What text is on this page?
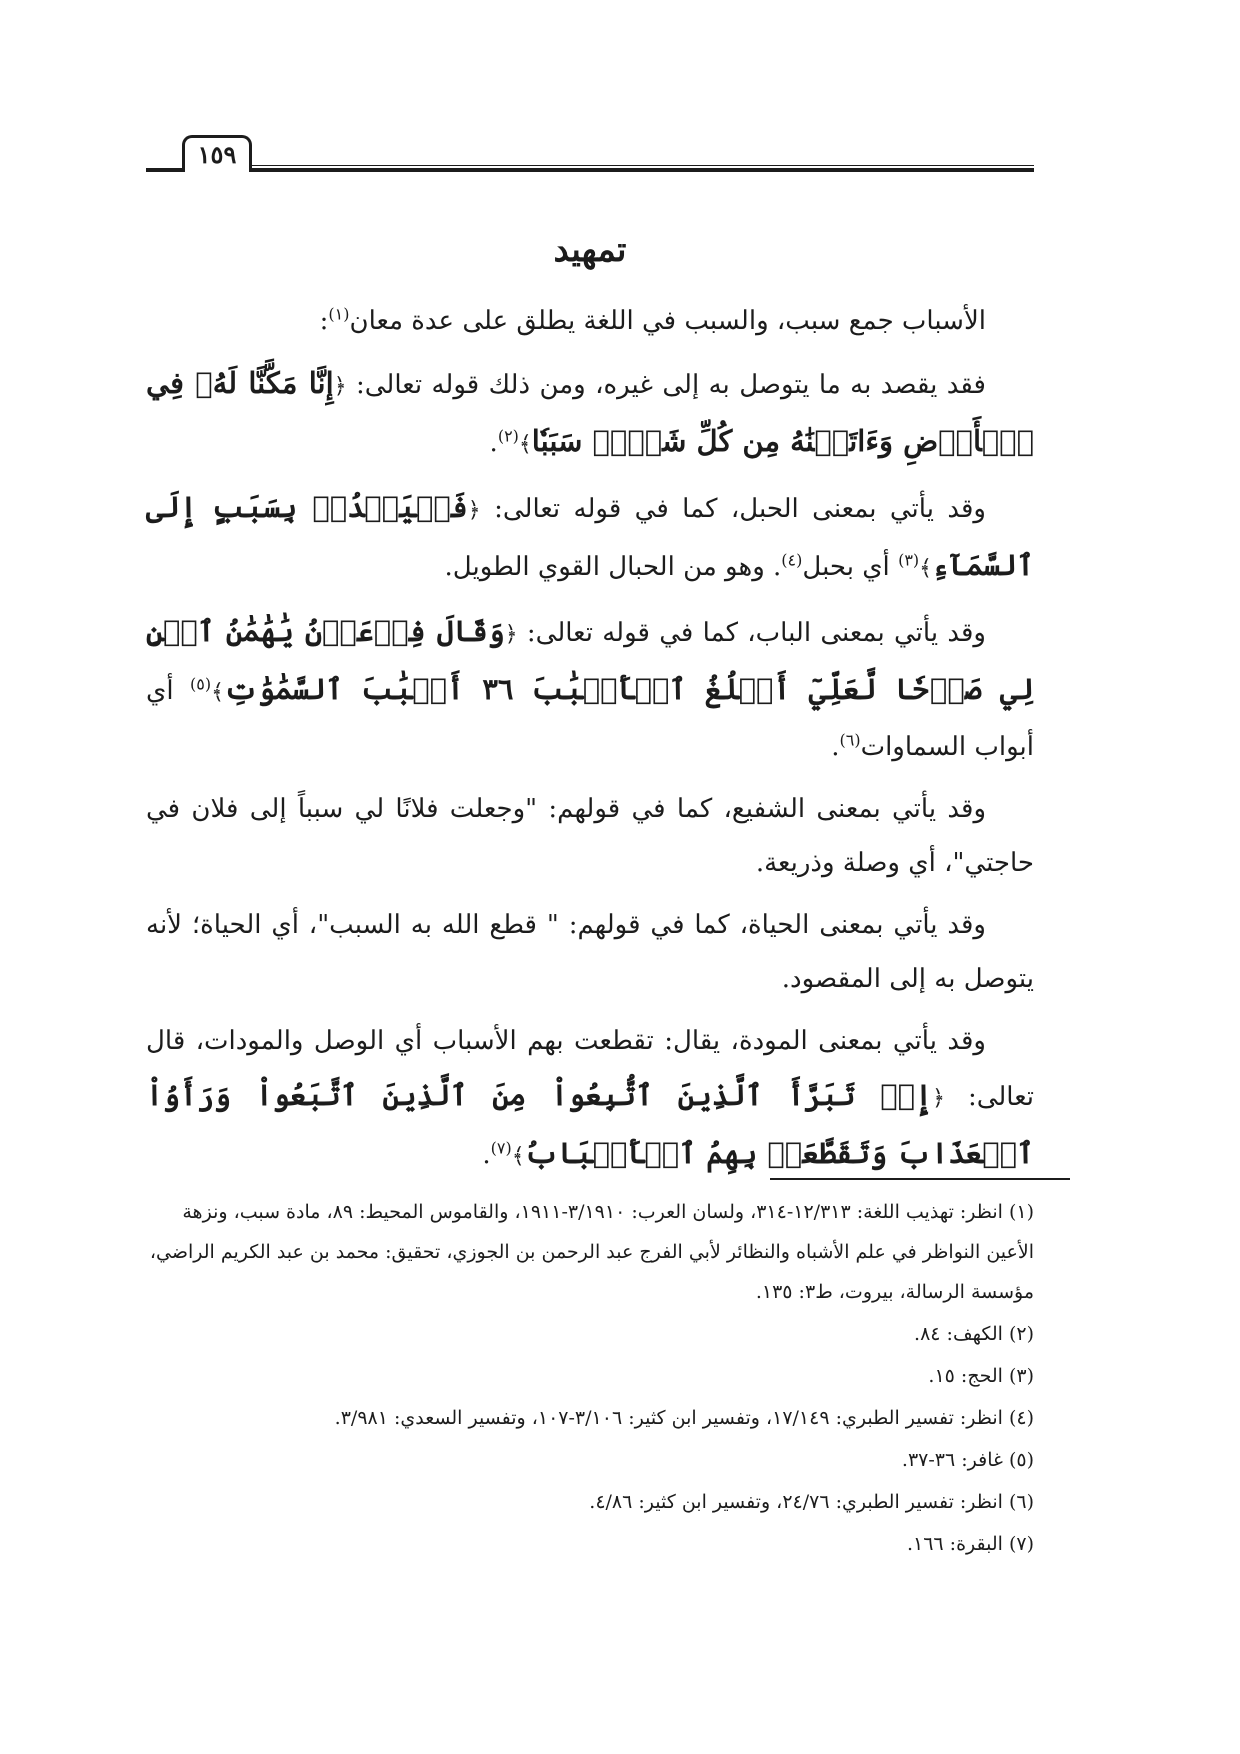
١٥٩
تمهيد

الأسباب جمع سبب، والسبب في اللغة يطلق على عدة معان$^{(١)}$:

فقد يقصد به ما يتوصل به إلى غيره، ومن ذلك قوله تعالى: ﴿إِنَّا مَكَّنَّا لَهُۥ فِي ٱلۡأَرۡضِ وَءَاتَيۡنَٰهُ مِن كُلِّ شَيۡءٖ سَبَبٗا﴾$^{(٢)}$.

وقد يأتي بمعنى الحبل، كما في قوله تعالى: ﴿فَلۡيَمۡدُدۡ بِسَبَبٍ إِلَى ٱلسَّمَآءِ﴾$^{(٣)}$ أي بحبل$^{(٤)}$. وهو من الحبال القوي الطويل.

وقد يأتي بمعنى الباب، كما في قوله تعالى: ﴿وَقَالَ فِرۡعَوۡنُ يَٰهَٰمَٰنُ ٱبۡنِ لِي صَرۡحٗا لَّعَلِّيٓ أَبۡلُغُ ٱلۡأَسۡبَٰبَ ٣٦ أَسۡبَٰبَ ٱلسَّمَٰوَٰتِ﴾$^{(٥)}$ أي أبواب السماوات$^{(٦)}$.

وقد يأتي بمعنى الشفيع، كما في قولهم: "وجعلت فلانًا لي سبباً إلى فلان في حاجتي"، أي وصلة وذريعة.

وقد يأتي بمعنى الحياة، كما في قولهم: " قطع الله به السبب"، أي الحياة؛ لأنه يتوصل به إلى المقصود.

وقد يأتي بمعنى المودة، يقال: تقطعت بهم الأسباب أي الوصل والمودات، قال تعالى: ﴿إِذۡ تَبَرَّأَ ٱلَّذِينَ ٱتُّبِعُواْ مِنَ ٱلَّذِينَ ٱتَّبَعُواْ وَرَأَوُاْ ٱلۡعَذَابَ وَتَقَطَّعَتۡ بِهِمُ ٱلۡأَسۡبَابُ﴾$^{(٧)}$.

(١)انظر: تهذيب اللغة: ١٢/٣١٣-٣١٤، ولسان العرب: ٣/١٩١٠-١٩١١، والقاموس المحيط: ٨٩، مادة سبب، ونزهة الأعين النواظر في علم الأشباه والنظائر لأبي الفرج عبد الرحمن بن الجوزي، تحقيق: محمد بن عبد الكريم الراضي، مؤسسة الرسالة، بيروت، ط٣: ١٣٥.
(٢)الكهف: ٨٤.
(٣)الحج: ١٥.
(٤)انظر: تفسير الطبري: ١٧/١٤٩، وتفسير ابن كثير: ٣/١٠٦-١٠٧، وتفسير السعدي: ٣/٩٨١.
(٥)غافر: ٣٦-٣٧.
(٦)انظر: تفسير الطبري: ٢٤/٧٦، وتفسير ابن كثير: ٤/٨٦.
(٧)البقرة: ١٦٦.
